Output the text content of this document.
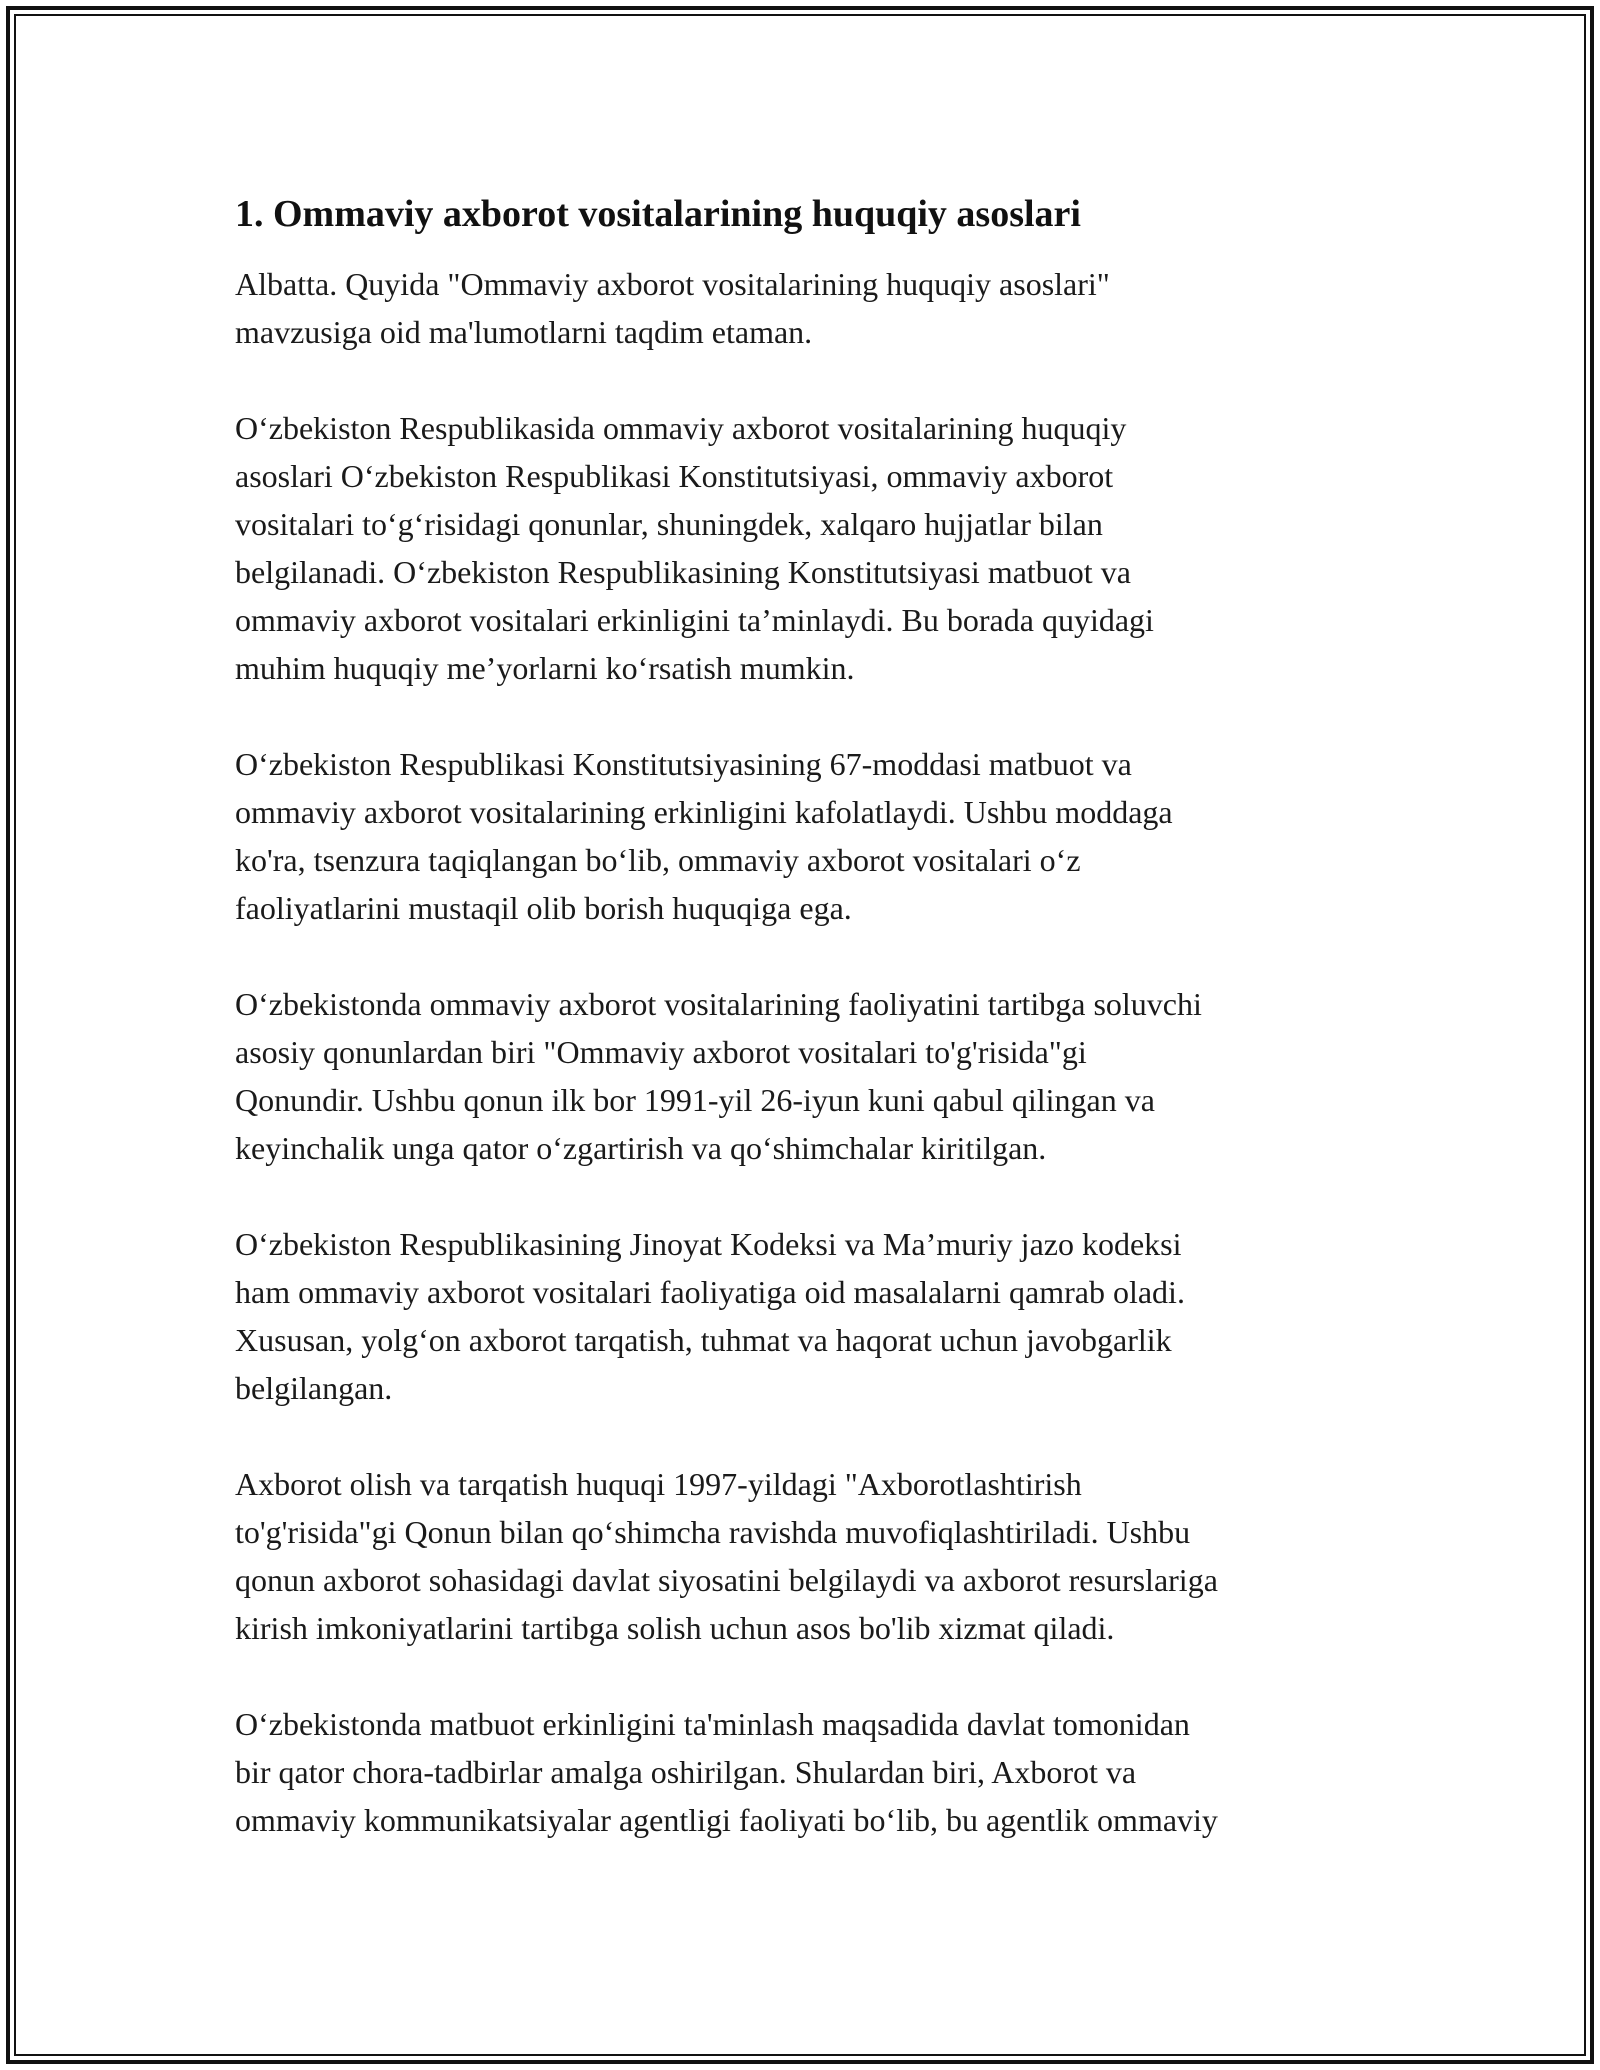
1. Ommaviy axborot vositalarining huquqiy asoslari

Albatta. Quyida "Ommaviy axborot vositalarining huquqiy asoslari"
mavzusiga oid ma'lumotlarni taqdim etaman.

O‘zbekiston Respublikasida ommaviy axborot vositalarining huquqiy
asoslari O‘zbekiston Respublikasi Konstitutsiyasi, ommaviy axborot
vositalari to‘g‘risidagi qonunlar, shuningdek, xalqaro hujjatlar bilan
belgilanadi. O‘zbekiston Respublikasining Konstitutsiyasi matbuot va
ommaviy axborot vositalari erkinligini ta’minlaydi. Bu borada quyidagi
muhim huquqiy me’yorlarni ko‘rsatish mumkin.

O‘zbekiston Respublikasi Konstitutsiyasining 67-moddasi matbuot va
ommaviy axborot vositalarining erkinligini kafolatlaydi. Ushbu moddaga
ko'ra, tsenzura taqiqlangan bo‘lib, ommaviy axborot vositalari o‘z
faoliyatlarini mustaqil olib borish huquqiga ega.

O‘zbekistonda ommaviy axborot vositalarining faoliyatini tartibga soluvchi
asosiy qonunlardan biri "Ommaviy axborot vositalari to'g'risida"gi
Qonundir. Ushbu qonun ilk bor 1991-yil 26-iyun kuni qabul qilingan va
keyinchalik unga qator o‘zgartirish va qo‘shimchalar kiritilgan.

O‘zbekiston Respublikasining Jinoyat Kodeksi va Ma’muriy jazo kodeksi
ham ommaviy axborot vositalari faoliyatiga oid masalalarni qamrab oladi.
Xususan, yolg‘on axborot tarqatish, tuhmat va haqorat uchun javobgarlik
belgilangan.

Axborot olish va tarqatish huquqi 1997-yildagi "Axborotlashtirish
to'g'risida"gi Qonun bilan qo‘shimcha ravishda muvofiqlashtiriladi. Ushbu
qonun axborot sohasidagi davlat siyosatini belgilaydi va axborot resurslariga
kirish imkoniyatlarini tartibga solish uchun asos bo'lib xizmat qiladi.

O‘zbekistonda matbuot erkinligini ta'minlash maqsadida davlat tomonidan
bir qator chora-tadbirlar amalga oshirilgan. Shulardan biri, Axborot va
ommaviy kommunikatsiyalar agentligi faoliyati bo‘lib, bu agentlik ommaviy
